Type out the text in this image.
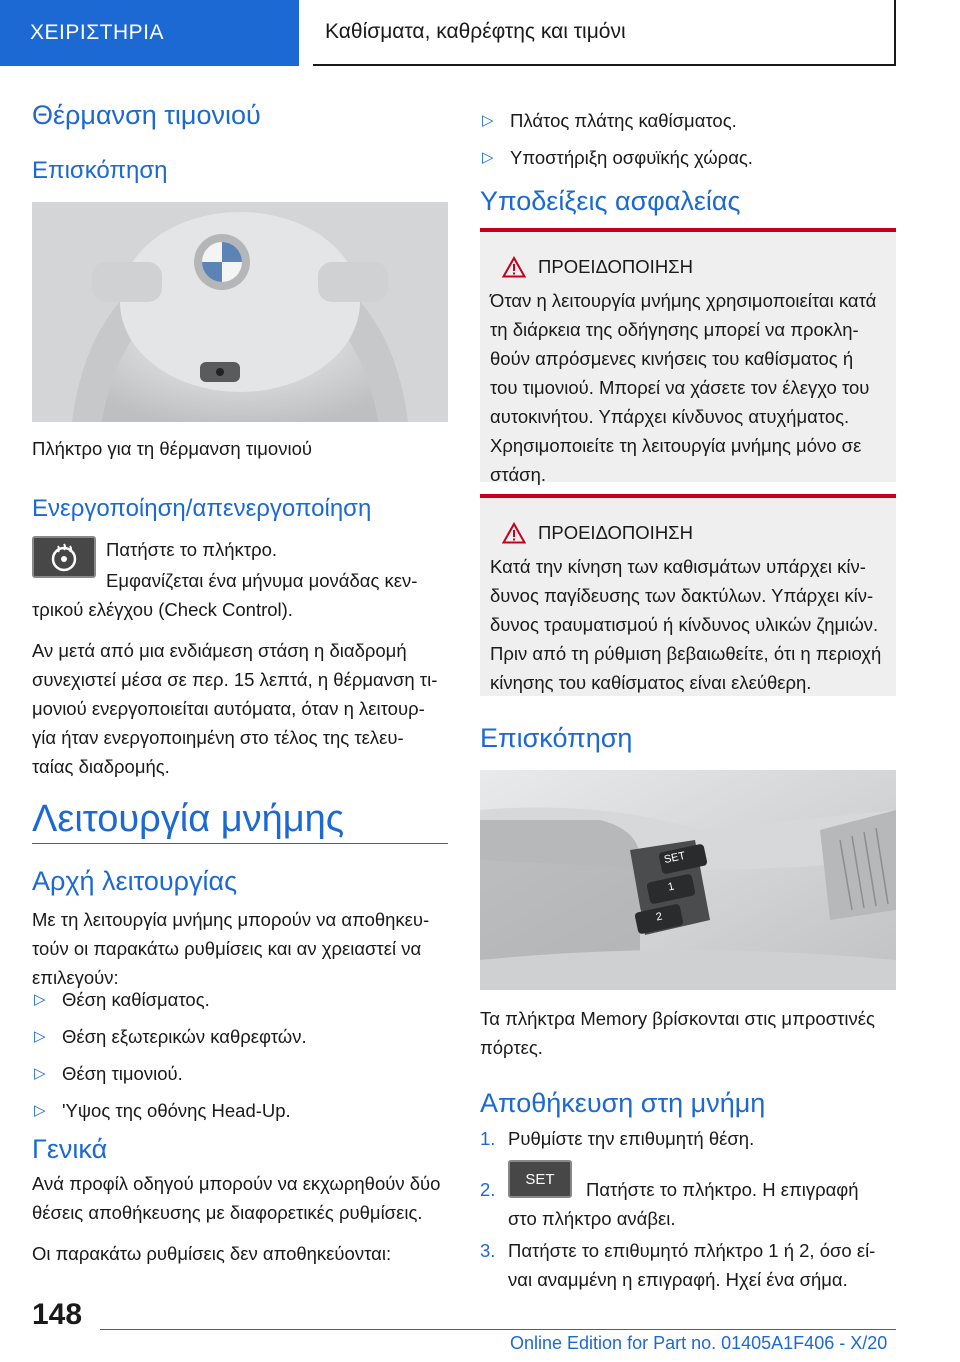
ΧΕΙΡΙΣΤΗΡΙΑ	Καθίσματα, καθρέφτης και τιμόνι
Θέρμανση τιμονιού
Επισκόπηση
Πλήκτρο για τη θέρμανση τιμονιού
Ενεργοποίηση/απενεργοποίηση
Πατήστε το πλήκτρο.
Εμφανίζεται ένα μήνυμα μονάδας κεν-
τρικού ελέγχου (Check Control).
Αν μετά από μια ενδιάμεση στάση η διαδρομή
συνεχιστεί μέσα σε περ. 15 λεπτά, η θέρμανση τι-
μονιού ενεργοποιείται αυτόματα, όταν η λειτουρ-
γία ήταν ενεργοποιημένη στο τέλος της τελευ-
ταίας διαδρομής.
Λειτουργία μνήμης
Αρχή λειτουργίας
Με τη λειτουργία μνήμης μπορούν να αποθηκευ-
τούν οι παρακάτω ρυθμίσεις και αν χρειαστεί να
επιλεγούν:
▷ Θέση καθίσματος.
▷ Θέση εξωτερικών καθρεφτών.
▷ Θέση τιμονιού.
▷ 'Υψος της οθόνης Head-Up.
Γενικά
Ανά προφίλ οδηγού μπορούν να εκχωρηθούν δύο
θέσεις αποθήκευσης με διαφορετικές ρυθμίσεις.
Οι παρακάτω ρυθμίσεις δεν αποθηκεύονται:
▷ Πλάτος πλάτης καθίσματος.
▷ Υποστήριξη οσφυϊκής χώρας.
Υποδείξεις ασφαλείας
ΠΡΟΕΙΔΟΠΟΙΗΣΗ
Όταν η λειτουργία μνήμης χρησιμοποιείται κατά
τη διάρκεια της οδήγησης μπορεί να προκλη-
θούν απρόσμενες κινήσεις του καθίσματος ή
του τιμονιού. Μπορεί να χάσετε τον έλεγχο του
αυτοκινήτου. Υπάρχει κίνδυνος ατυχήματος.
Χρησιμοποιείτε τη λειτουργία μνήμης μόνο σε
στάση.
ΠΡΟΕΙΔΟΠΟΙΗΣΗ
Κατά την κίνηση των καθισμάτων υπάρχει κίν-
δυνος παγίδευσης των δακτύλων. Υπάρχει κίν-
δυνος τραυματισμού ή κίνδυνος υλικών ζημιών.
Πριν από τη ρύθμιση βεβαιωθείτε, ότι η περιοχή
κίνησης του καθίσματος είναι ελεύθερη.
Επισκόπηση
SET
1
2
Τα πλήκτρα Memory βρίσκονται στις μπροστινές
πόρτες.
Αποθήκευση στη μνήμη
1. Ρυθμίστε την επιθυμητή θέση.
2. SET Πατήστε το πλήκτρο. Η επιγραφή
στο πλήκτρο ανάβει.
3. Πατήστε το επιθυμητό πλήκτρο 1 ή 2, όσο εί-
ναι αναμμένη η επιγραφή. Ηχεί ένα σήμα.
148
Online Edition for Part no. 01405A1F406 - X/20
